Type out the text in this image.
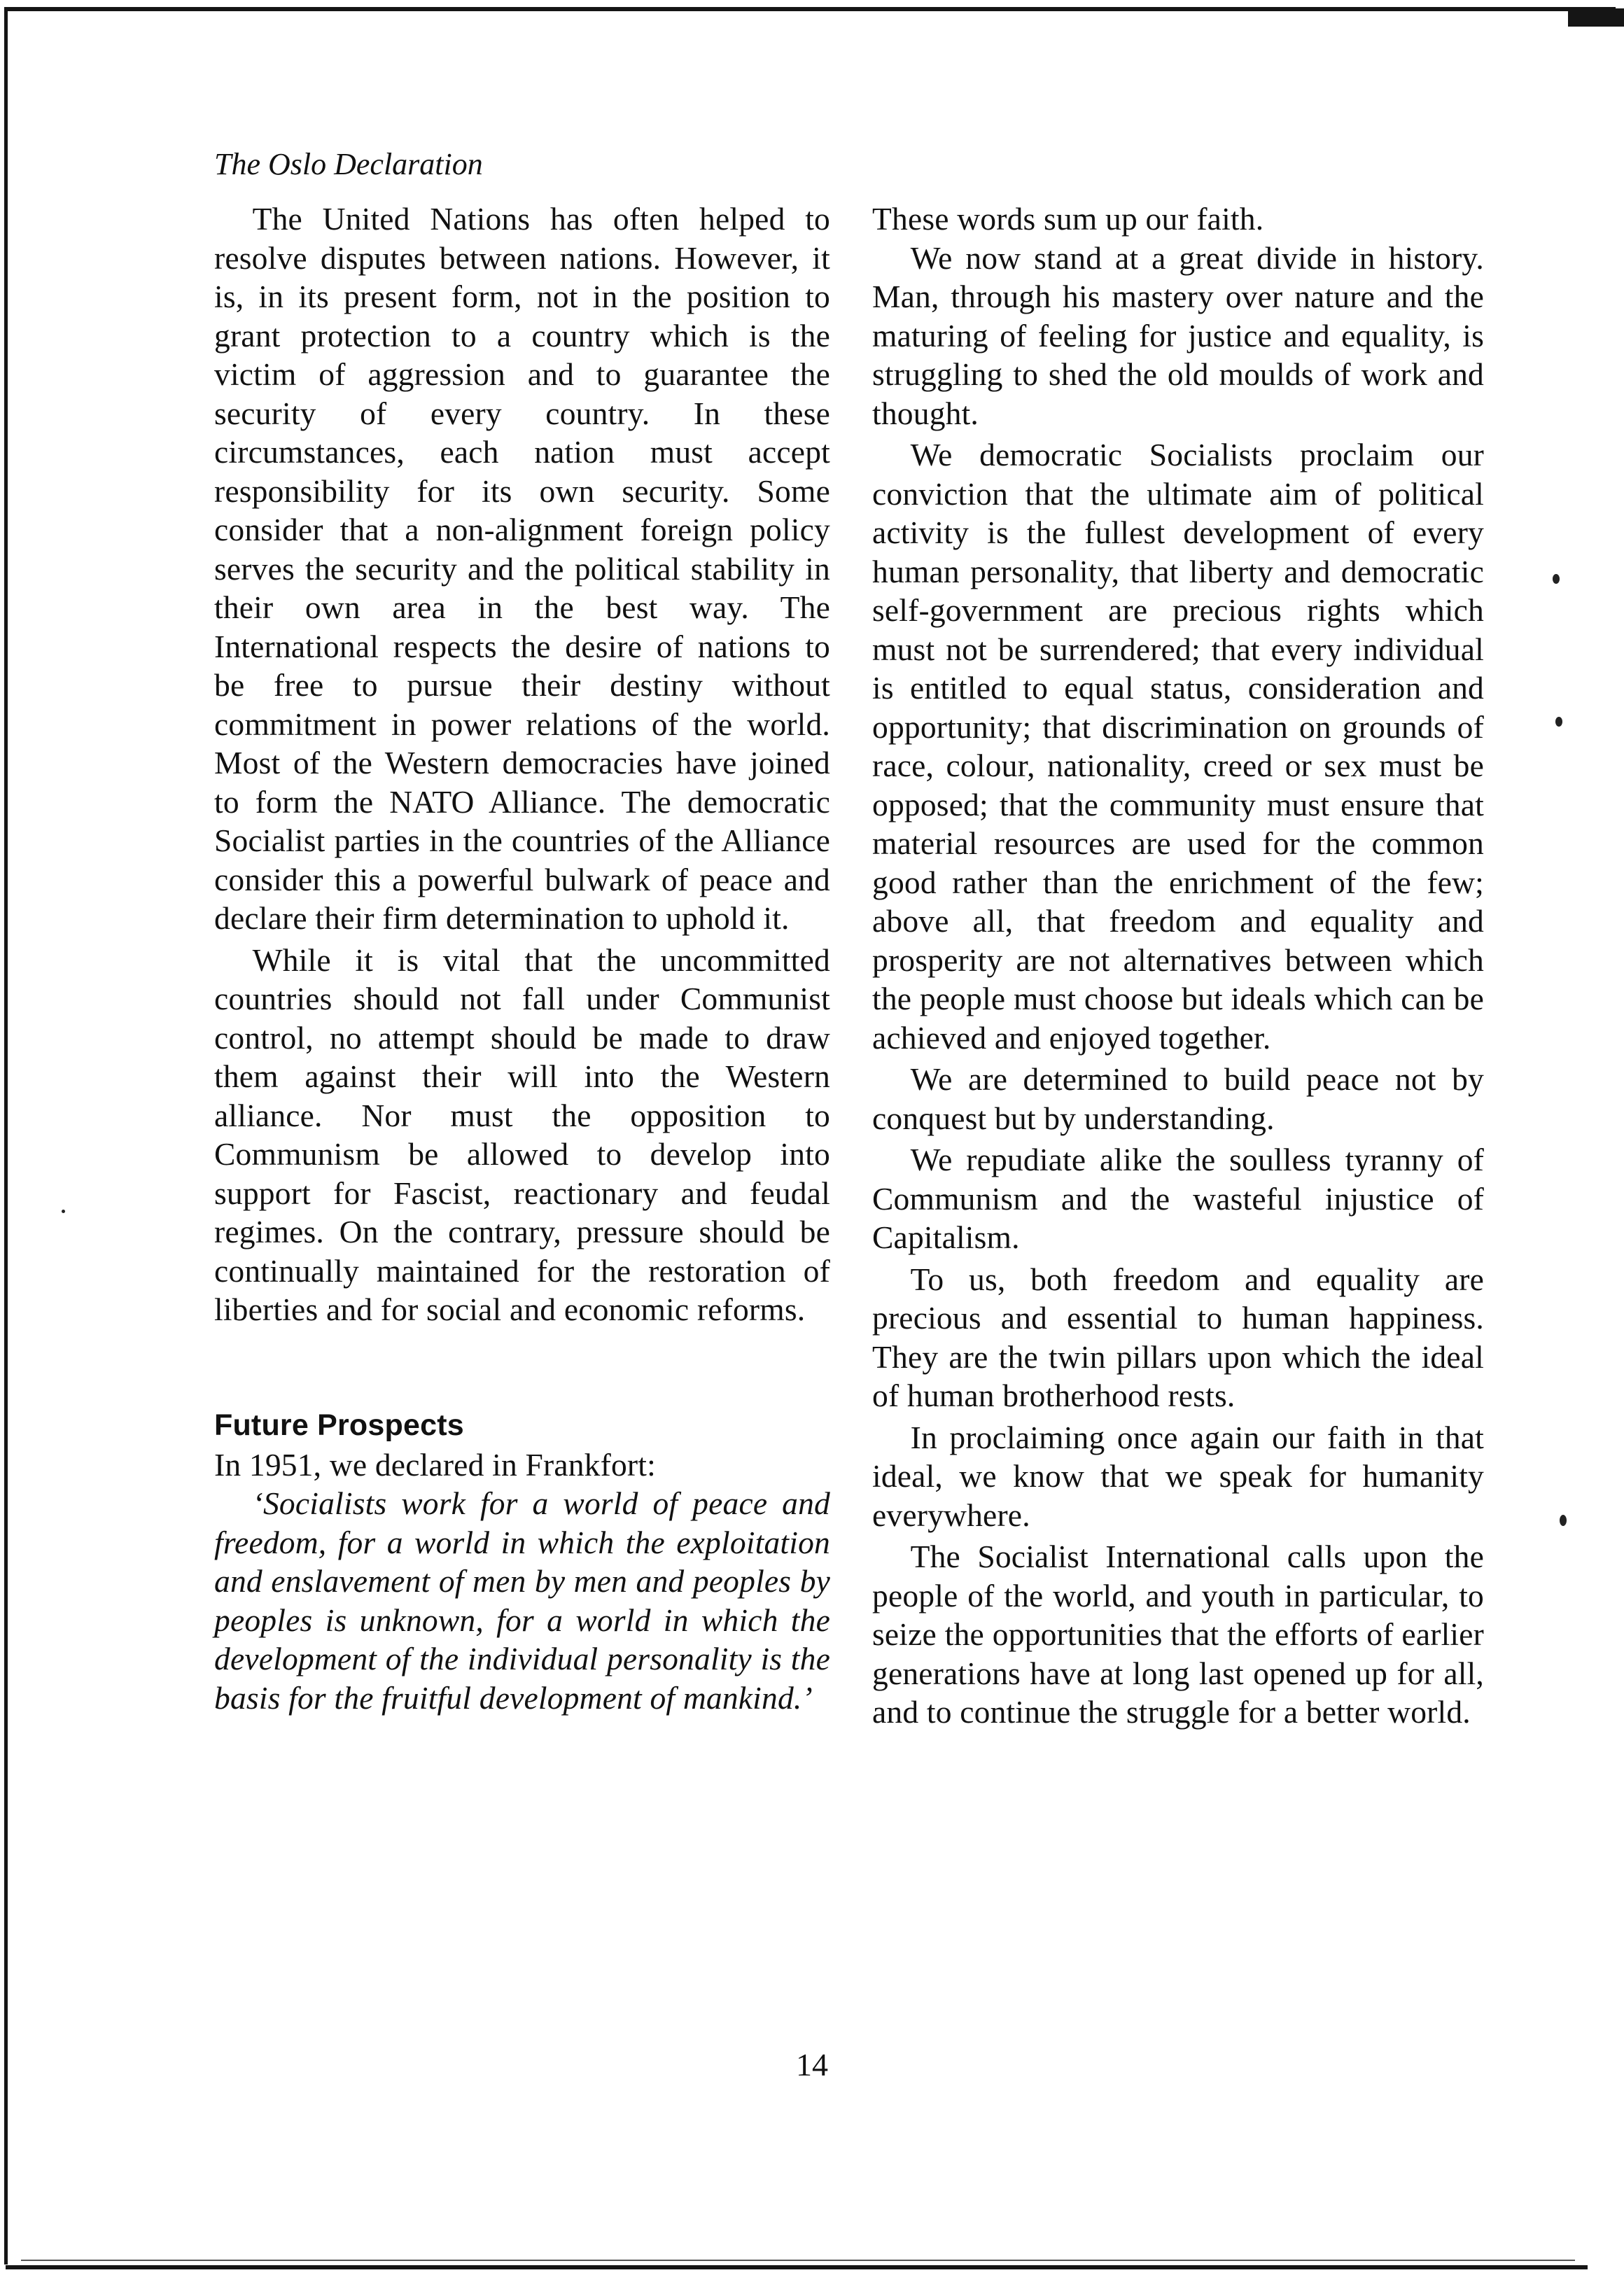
The Oslo Declaration

The United Nations has often helped to resolve disputes between nations. However, it is, in its present form, not in the position to grant protection to a country which is the victim of aggression and to guarantee the security of every country. In these circumstances, each nation must accept responsibility for its own security. Some consider that a non-alignment foreign policy serves the security and the political stability in their own area in the best way. The International respects the desire of nations to be free to pursue their destiny without commitment in power relations of the world. Most of the Western democracies have joined to form the NATO Alliance. The democratic Socialist parties in the countries of the Alliance consider this a powerful bulwark of peace and declare their firm determination to uphold it.

While it is vital that the uncommitted countries should not fall under Communist control, no attempt should be made to draw them against their will into the Western alliance. Nor must the opposition to Communism be allowed to develop into support for Fascist, reactionary and feudal regimes. On the contrary, pressure should be continually maintained for the restoration of liberties and for social and economic reforms.

Future Prospects

In 1951, we declared in Frankfort:

‘Socialists work for a world of peace and freedom, for a world in which the exploitation and enslavement of men by men and peoples by peoples is unknown, for a world in which the development of the individual personality is the basis for the fruitful development of mankind.’

These words sum up our faith.

We now stand at a great divide in history. Man, through his mastery over nature and the maturing of feeling for justice and equality, is struggling to shed the old moulds of work and thought.

We democratic Socialists proclaim our conviction that the ultimate aim of political activity is the fullest development of every human personality, that liberty and democratic self-government are precious rights which must not be surrendered; that every individual is entitled to equal status, consideration and opportunity; that discrimination on grounds of race, colour, nationality, creed or sex must be opposed; that the community must ensure that material resources are used for the common good rather than the enrichment of the few; above all, that freedom and equality and prosperity are not alternatives between which the people must choose but ideals which can be achieved and enjoyed together.

We are determined to build peace not by conquest but by understanding.

We repudiate alike the soulless tyranny of Communism and the wasteful injustice of Capitalism.

To us, both freedom and equality are precious and essential to human happiness. They are the twin pillars upon which the ideal of human brotherhood rests.

In proclaiming once again our faith in that ideal, we know that we speak for humanity everywhere.

The Socialist International calls upon the people of the world, and youth in particular, to seize the opportunities that the efforts of earlier generations have at long last opened up for all, and to continue the struggle for a better world.

14
